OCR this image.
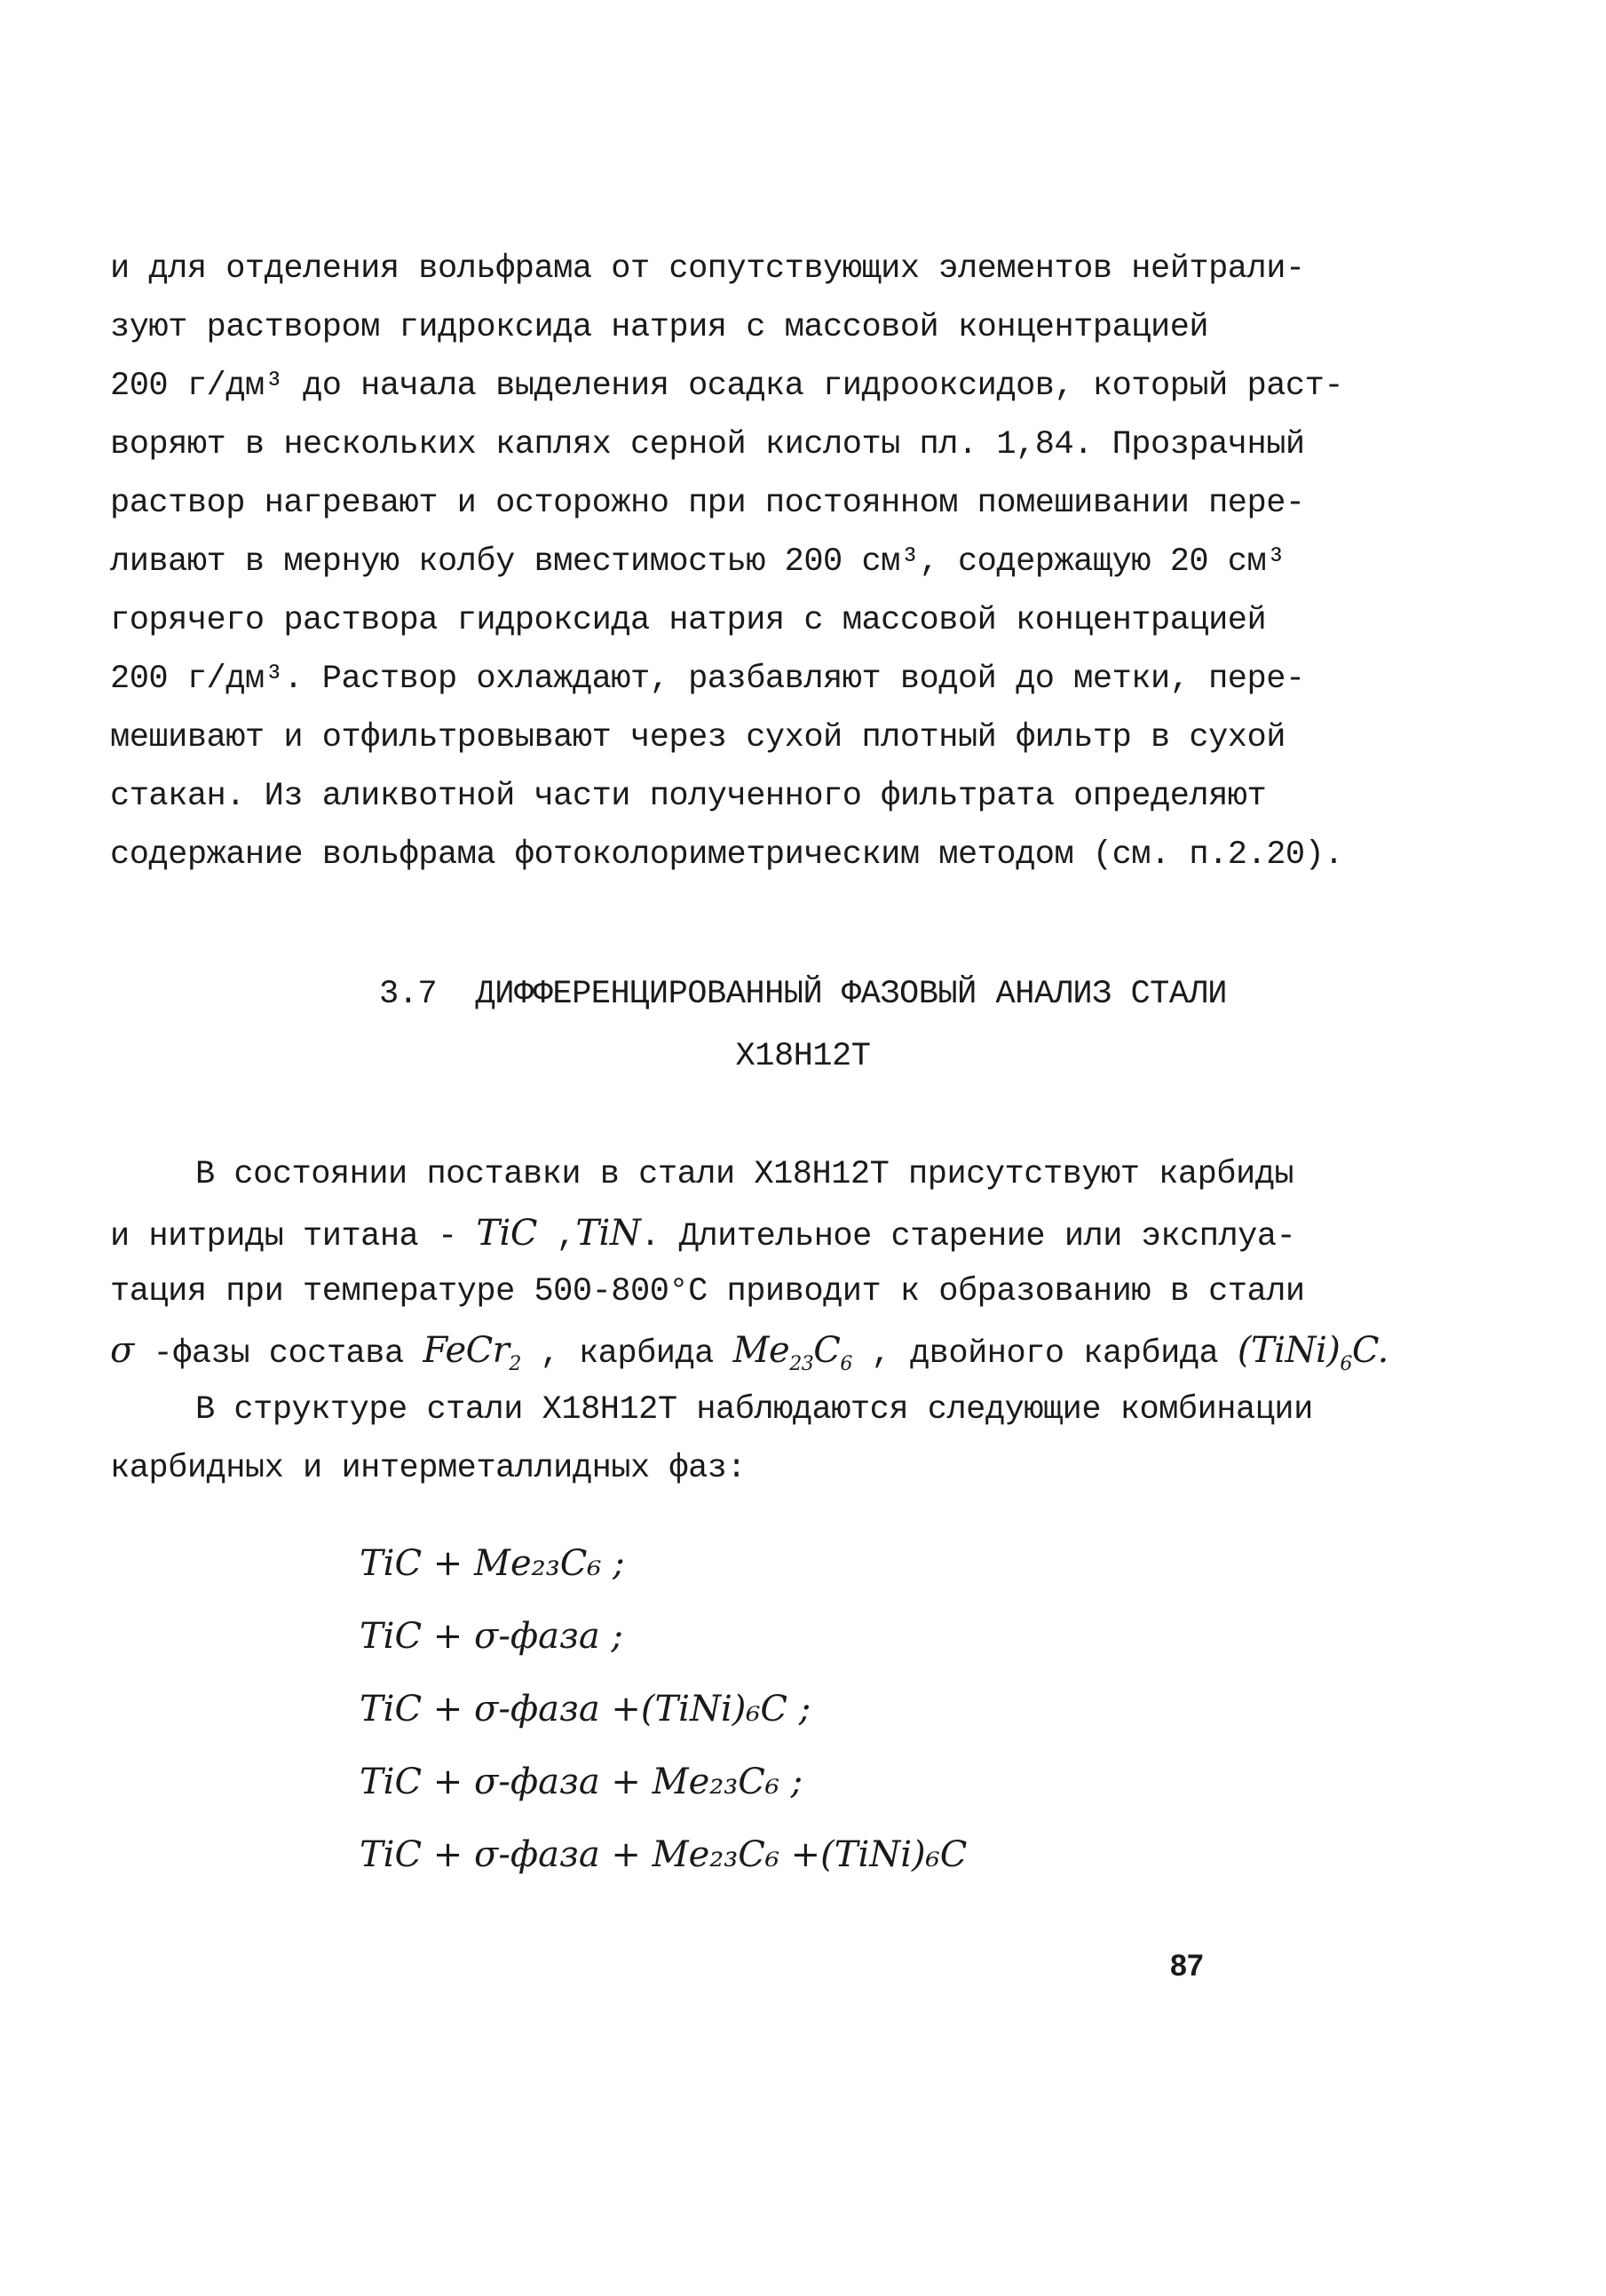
и для отделения вольфрама от сопутствующих элементов нейтрали-
зуют раствором гидроксида натрия с массовой концентрацией
200 г/дм³ до начала выделения осадка гидрооксидов, который раст-
воряют в нескольких каплях серной кислоты пл. 1,84. Прозрачный
раствор нагревают и осторожно при постоянном помешивании пере-
ливают в мерную колбу вместимостью 200 см³, содержащую 20 см³
горячего раствора гидроксида натрия с массовой концентрацией
200 г/дм³. Раствор охлаждают, разбавляют водой до метки, пере-
мешивают и отфильтровывают через сухой плотный фильтр в сухой
стакан. Из аликвотной части полученного фильтрата определяют
содержание вольфрама фотоколориметрическим методом (см. п.2.20).
3.7 ДИФФЕРЕНЦИРОВАННЫЙ ФАЗОВЫЙ АНАЛИЗ СТАЛИ
Х18Н12Т
В состоянии поставки в стали Х18Н12Т присутствуют карбиды
и нитриды титана - TiC ,TiN. Длительное старение или эксплуа-
тация при температуре 500-800°С приводит к образованию в стали
σ -фазы состава FeCr$_2$ , карбида $Me_{23}C_6$ , двойного карбида $(TiNi)_6C$.
В структуре стали Х18Н12Т наблюдаются следующие комбинации
карбидных и интерметаллидных фаз:
TiC + Me₂₃C₆ ;
TiC + σ-фаза ;
TiC + σ-фаза +(TiNi)₆C ;
TiC + σ-фаза + Me₂₃C₆ ;
TiC + σ-фаза + Me₂₃C₆ +(TiNi)₆C
87
